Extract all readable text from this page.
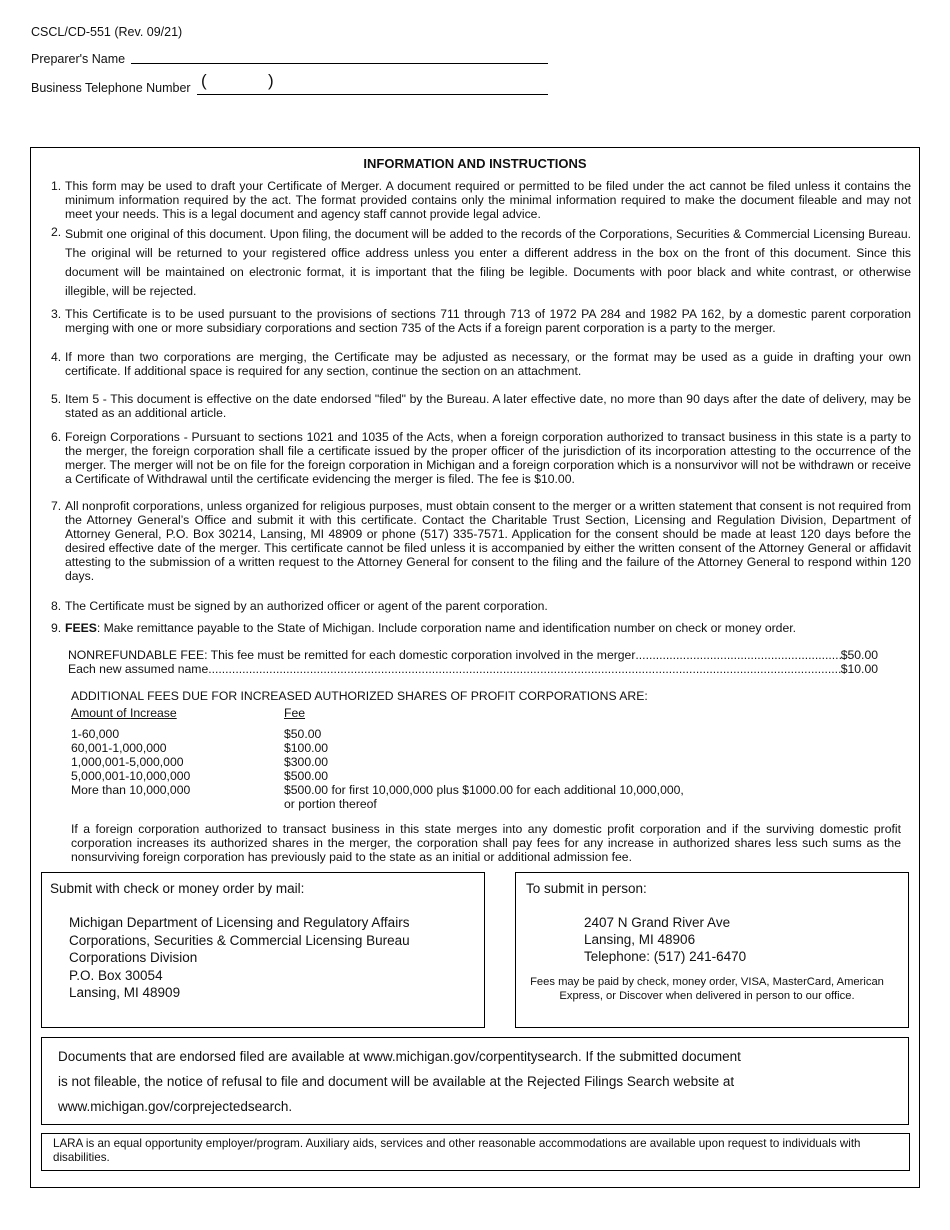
CSCL/CD-551 (Rev. 09/21)
Preparer's Name
Business Telephone Number (	)
INFORMATION AND INSTRUCTIONS
1. This form may be used to draft your Certificate of Merger. A document required or permitted to be filed under the act cannot be filed unless it contains the minimum information required by the act. The format provided contains only the minimal information required to make the document fileable and may not meet your needs. This is a legal document and agency staff cannot provide legal advice.
2. Submit one original of this document. Upon filing, the document will be added to the records of the Corporations, Securities & Commercial Licensing Bureau. The original will be returned to your registered office address unless you enter a different address in the box on the front of this document. Since this document will be maintained on electronic format, it is important that the filing be legible. Documents with poor black and white contrast, or otherwise illegible, will be rejected.
3. This Certificate is to be used pursuant to the provisions of sections 711 through 713 of 1972 PA 284 and 1982 PA 162, by a domestic parent corporation merging with one or more subsidiary corporations and section 735 of the Acts if a foreign parent corporation is a party to the merger.
4. If more than two corporations are merging, the Certificate may be adjusted as necessary, or the format may be used as a guide in drafting your own certificate. If additional space is required for any section, continue the section on an attachment.
5. Item 5 - This document is effective on the date endorsed "filed" by the Bureau. A later effective date, no more than 90 days after the date of delivery, may be stated as an additional article.
6. Foreign Corporations - Pursuant to sections 1021 and 1035 of the Acts, when a foreign corporation authorized to transact business in this state is a party to the merger, the foreign corporation shall file a certificate issued by the proper officer of the jurisdiction of its incorporation attesting to the occurrence of the merger. The merger will not be on file for the foreign corporation in Michigan and a foreign corporation which is a nonsurvivor will not be withdrawn or receive a Certificate of Withdrawal until the certificate evidencing the merger is filed. The fee is $10.00.
7. All nonprofit corporations, unless organized for religious purposes, must obtain consent to the merger or a written statement that consent is not required from the Attorney General’s Office and submit it with this certificate. Contact the Charitable Trust Section, Licensing and Regulation Division, Department of Attorney General, P.O. Box 30214, Lansing, MI 48909 or phone (517) 335-7571. Application for the consent should be made at least 120 days before the desired effective date of the merger. This certificate cannot be filed unless it is accompanied by either the written consent of the Attorney General or affidavit attesting to the submission of a written request to the Attorney General for consent to the filing and the failure of the Attorney General to respond within 120 days.
8. The Certificate must be signed by an authorized officer or agent of the parent corporation.
9. FEES: Make remittance payable to the State of Michigan. Include corporation name and identification number on check or money order.
NONREFUNDABLE FEE: This fee must be remitted for each domestic corporation involved in the merger .....	$50.00
Each new assumed name .....	$10.00
ADDITIONAL FEES DUE FOR INCREASED AUTHORIZED SHARES OF PROFIT CORPORATIONS ARE:
Amount of Increase	Fee
1-60,000	$50.00
60,001-1,000,000	$100.00
1,000,001-5,000,000	$300.00
5,000,001-10,000,000	$500.00
More than 10,000,000	$500.00 for first 10,000,000 plus $1000.00 for each additional 10,000,000,
or portion thereof
If a foreign corporation authorized to transact business in this state merges into any domestic profit corporation and if the surviving domestic profit corporation increases its authorized shares in the merger, the corporation shall pay fees for any increase in authorized shares less such sums as the nonsurviving foreign corporation has previously paid to the state as an initial or additional admission fee.
Submit with check or money order by mail:
Michigan Department of Licensing and Regulatory Affairs
Corporations, Securities & Commercial Licensing Bureau
Corporations Division
P.O. Box 30054
Lansing, MI 48909
To submit in person:
2407 N Grand River Ave
Lansing, MI 48906
Telephone: (517) 241-6470
Fees may be paid by check, money order, VISA, MasterCard, American Express, or Discover when delivered in person to our office.
Documents that are endorsed filed are available at www.michigan.gov/corpentitysearch. If the submitted document
is not fileable, the notice of refusal to file and document will be available at the Rejected Filings Search website at
www.michigan.gov/corprejectedsearch.
LARA is an equal opportunity employer/program. Auxiliary aids, services and other reasonable accommodations are available upon request to individuals with disabilities.
